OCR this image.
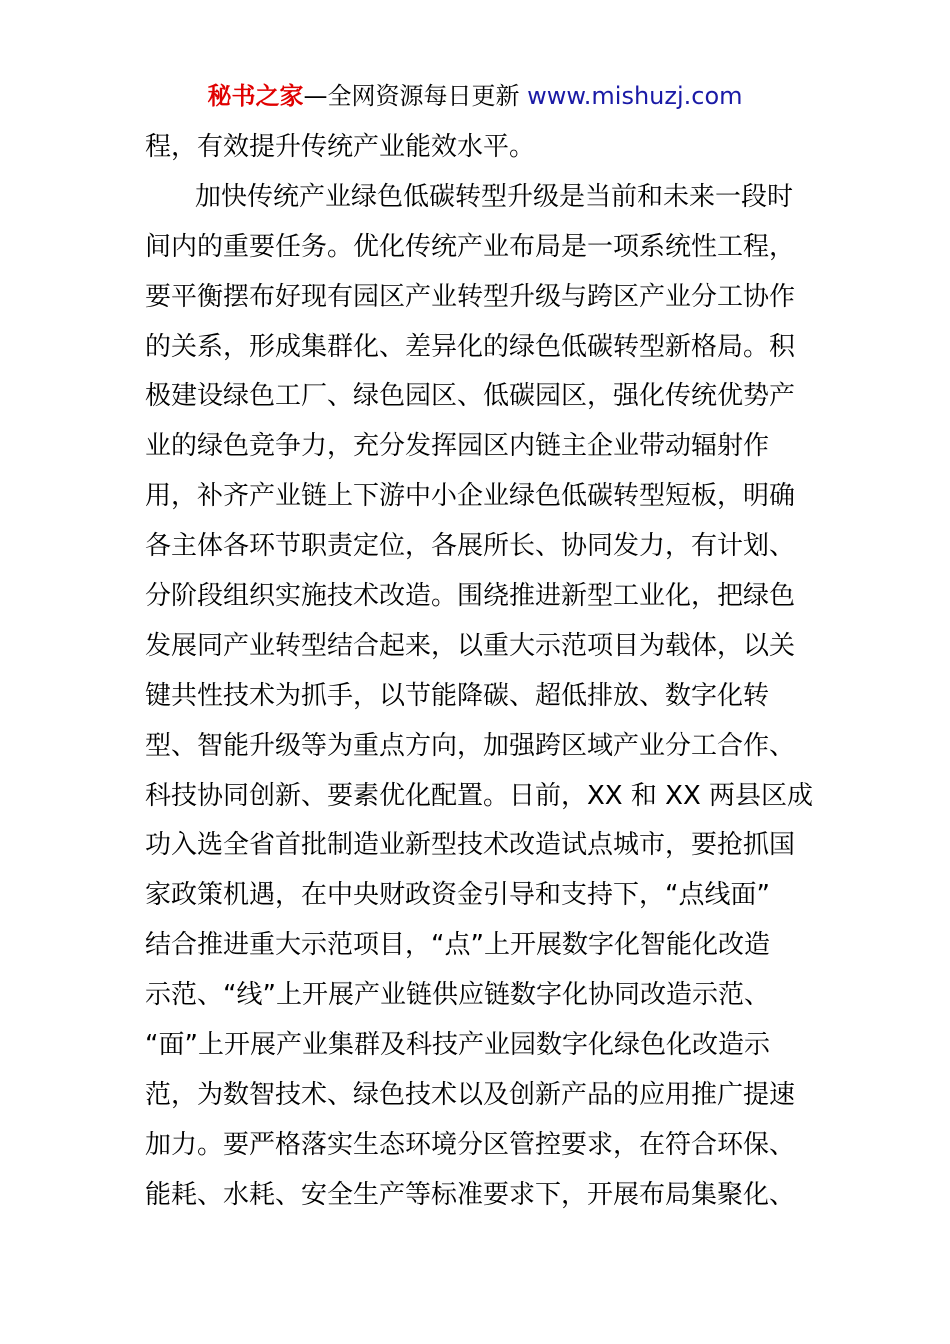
秘书之家—全网资源每日更新 www.mishuzj.com
程，有效提升传统产业能效水平。
加快传统产业绿色低碳转型升级是当前和未来一段时
间内的重要任务。优化传统产业布局是一项系统性工程，
要平衡摆布好现有园区产业转型升级与跨区产业分工协作
的关系，形成集群化、差异化的绿色低碳转型新格局。积
极建设绿色工厂、绿色园区、低碳园区，强化传统优势产
业的绿色竞争力，充分发挥园区内链主企业带动辐射作
用，补齐产业链上下游中小企业绿色低碳转型短板，明确
各主体各环节职责定位，各展所长、协同发力，有计划、
分阶段组织实施技术改造。围绕推进新型工业化，把绿色
发展同产业转型结合起来，以重大示范项目为载体，以关
键共性技术为抓手，以节能降碳、超低排放、数字化转
型、智能升级等为重点方向，加强跨区域产业分工合作、
科技协同创新、要素优化配置。日前，XX 和 XX 两县区成
功入选全省首批制造业新型技术改造试点城市，要抢抓国
家政策机遇，在中央财政资金引导和支持下，“点线面”
结合推进重大示范项目，“点”上开展数字化智能化改造
示范、“线”上开展产业链供应链数字化协同改造示范、
“面”上开展产业集群及科技产业园数字化绿色化改造示
范，为数智技术、绿色技术以及创新产品的应用推广提速
加力。要严格落实生态环境分区管控要求，在符合环保、
能耗、水耗、安全生产等标准要求下，开展布局集聚化、
